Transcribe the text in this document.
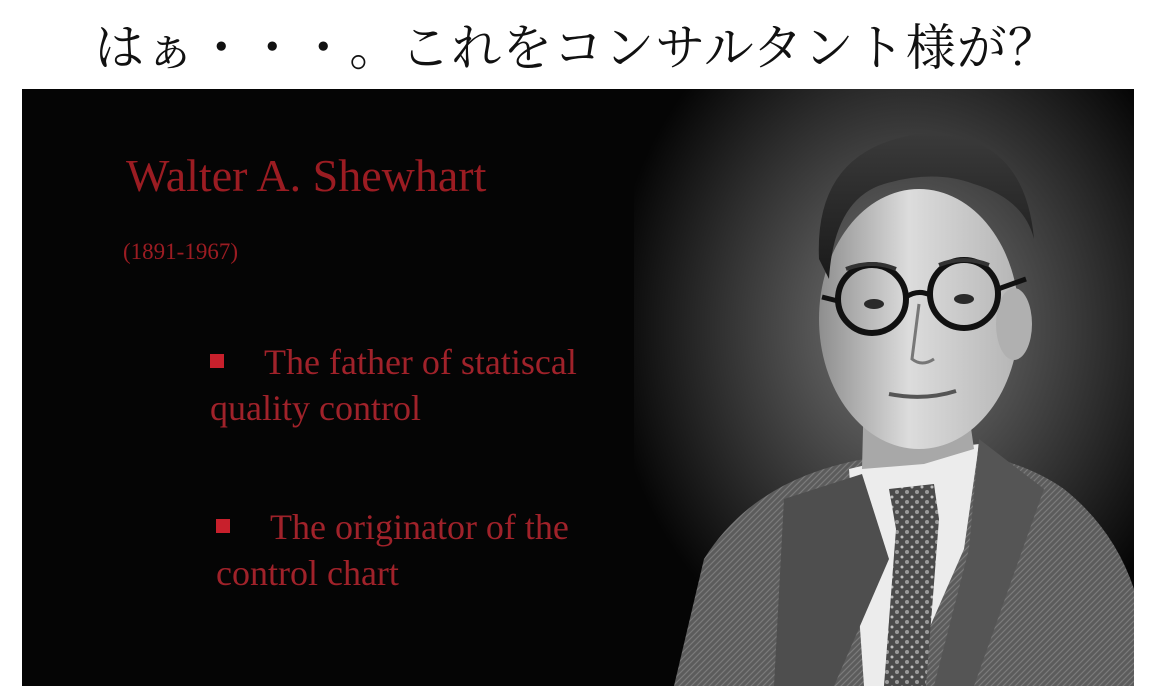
はぁ・・・。これをコンサルタント様が？
Walter A. Shewhart
(1891-1967)
The father of statiscal
quality control
The originator of the
control chart
